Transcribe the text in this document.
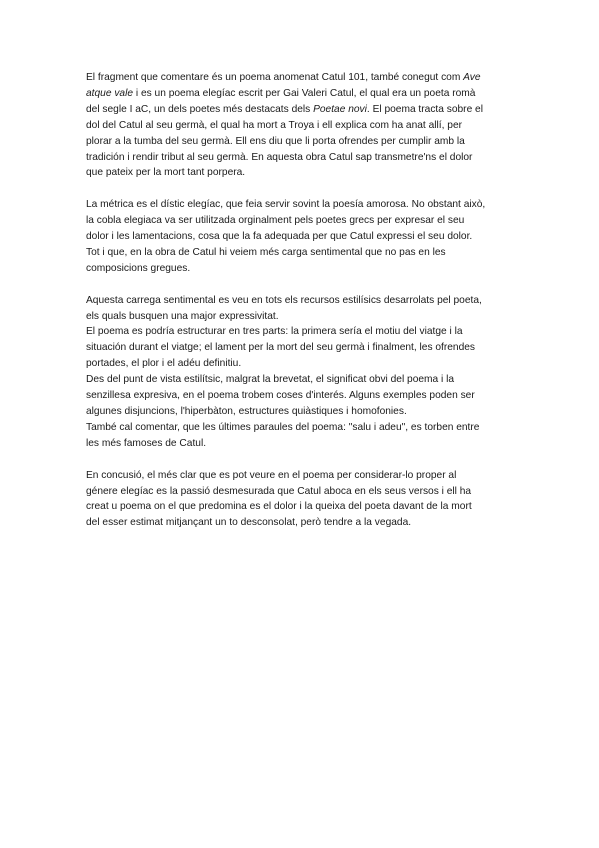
El fragment que comentare és un poema anomenat Catul 101, també conegut com Ave
atque vale i es un poema elegíac escrit per Gai Valeri Catul, el qual era un poeta romà
del segle I aC, un dels poetes més destacats dels Poetae novi. El poema tracta sobre el
dol del Catul al seu germà, el qual ha mort a Troya i ell explica com ha anat allí, per
plorar a la tumba del seu germà. Ell ens diu que li porta ofrendes per cumplir amb la
tradición i rendir tribut al seu germà. En aquesta obra Catul sap transmetre'ns el dolor
que pateix per la mort tant porpera.

La métrica es el dístic elegíac, que feia servir sovint la poesía amorosa. No obstant això,
la cobla elegiaca va ser utilitzada orginalment pels poetes grecs per expresar el seu
dolor i les lamentacions, cosa que la fa adequada per que Catul expressi el seu dolor.
Tot i que, en la obra de Catul hi veiem més carga sentimental que no pas en les
composicions gregues.

Aquesta carrega sentimental es veu en tots els recursos estilísics desarrolats pel poeta,
els quals busquen una major expressivitat.
El poema es podría estructurar en tres parts: la primera sería el motiu del viatge i la
situación durant el viatge; el lament per la mort del seu germà i finalment, les ofrendes
portades, el plor i el adéu definitiu.
Des del punt de vista estilítsic, malgrat la brevetat, el significat obvi del poema i la
senzillesa expresiva, en el poema trobem coses d'interés. Alguns exemples poden ser
algunes disjuncions, l'hiperbàton, estructures quiàstiques i homofonies.
També cal comentar, que les últimes paraules del poema: "salu i adeu", es torben entre
les més famoses de Catul.

En concusió, el més clar que es pot veure en el poema per considerar-lo proper al
génere elegíac es la passió desmesurada que Catul aboca en els seus versos i ell ha
creat u poema on el que predomina es el dolor i la queixa del poeta davant de la mort
del esser estimat mitjançant un to desconsolat, però tendre a la vegada.
